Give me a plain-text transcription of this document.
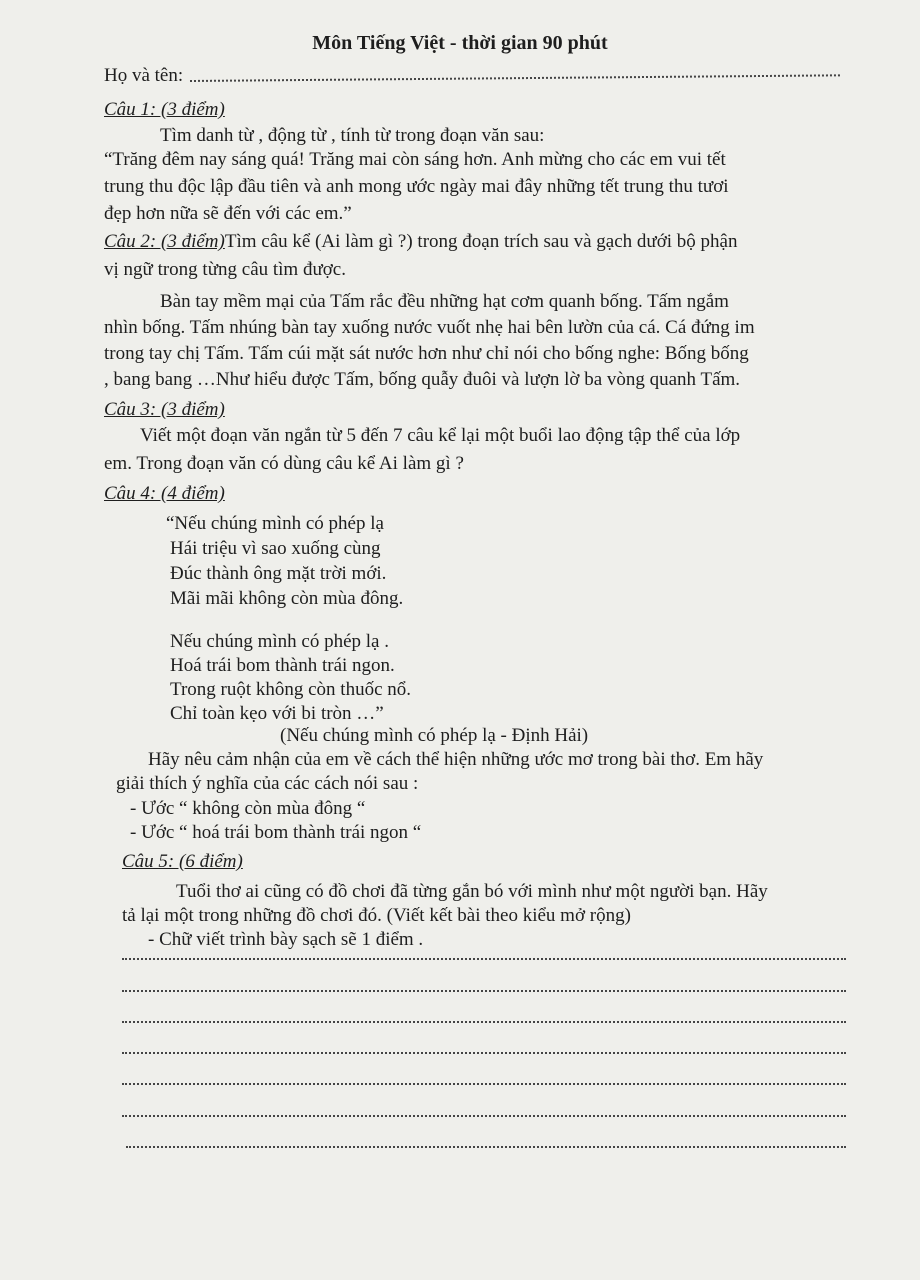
Môn Tiếng Việt - thời gian 90 phút
Họ và tên:
Câu 1: (3 điểm)
Tìm danh từ , động từ , tính từ trong đoạn văn sau:
“Trăng đêm nay sáng quá! Trăng mai còn sáng hơn. Anh mừng cho các em vui tết
trung thu độc lập đầu tiên và anh mong ước ngày mai đây những tết trung thu tươi
đẹp hơn nữa sẽ đến với các em.”
Câu 2: (3 điểm)Tìm câu kể (Ai làm gì ?) trong đoạn trích sau và gạch dưới bộ phận
vị ngữ trong từng câu tìm được.
Bàn tay mềm mại của Tấm rắc đều những hạt cơm quanh bống. Tấm ngắm
nhìn bống. Tấm nhúng bàn tay xuống nước vuốt nhẹ hai bên lườn của cá. Cá đứng im
trong tay chị Tấm. Tấm cúi mặt sát nước hơn như chỉ nói cho bống nghe: Bống bống
, bang bang …Như hiểu được Tấm, bống quẫy đuôi và lượn lờ ba vòng quanh Tấm.
Câu 3: (3 điểm)
Viết một đoạn văn ngắn từ 5 đến 7 câu kể lại một buổi lao động tập thể của lớp
em. Trong đoạn văn có dùng câu kể Ai làm gì ?
Câu 4: (4 điểm)
“Nếu chúng mình có phép lạ
Hái triệu vì sao xuống cùng
Đúc thành ông mặt trời mới.
Mãi mãi không còn mùa đông.
Nếu chúng mình có phép lạ .
Hoá trái bom thành trái ngon.
Trong ruột không còn thuốc nổ.
Chỉ toàn kẹo với bi tròn …”
(Nếu chúng mình có phép lạ - Định Hải)
Hãy nêu cảm nhận của em về cách thể hiện những ước mơ trong bài thơ. Em hãy
giải thích ý nghĩa của các cách nói sau :
- Ước “ không còn mùa đông “
- Ước “ hoá trái bom thành trái ngon “
Câu 5: (6 điểm)
Tuổi thơ ai cũng có đồ chơi đã từng gắn bó với mình như một người bạn. Hãy
tả lại một trong những đồ chơi đó. (Viết kết bài theo kiểu mở rộng)
- Chữ viết trình bày sạch sẽ 1 điểm .
